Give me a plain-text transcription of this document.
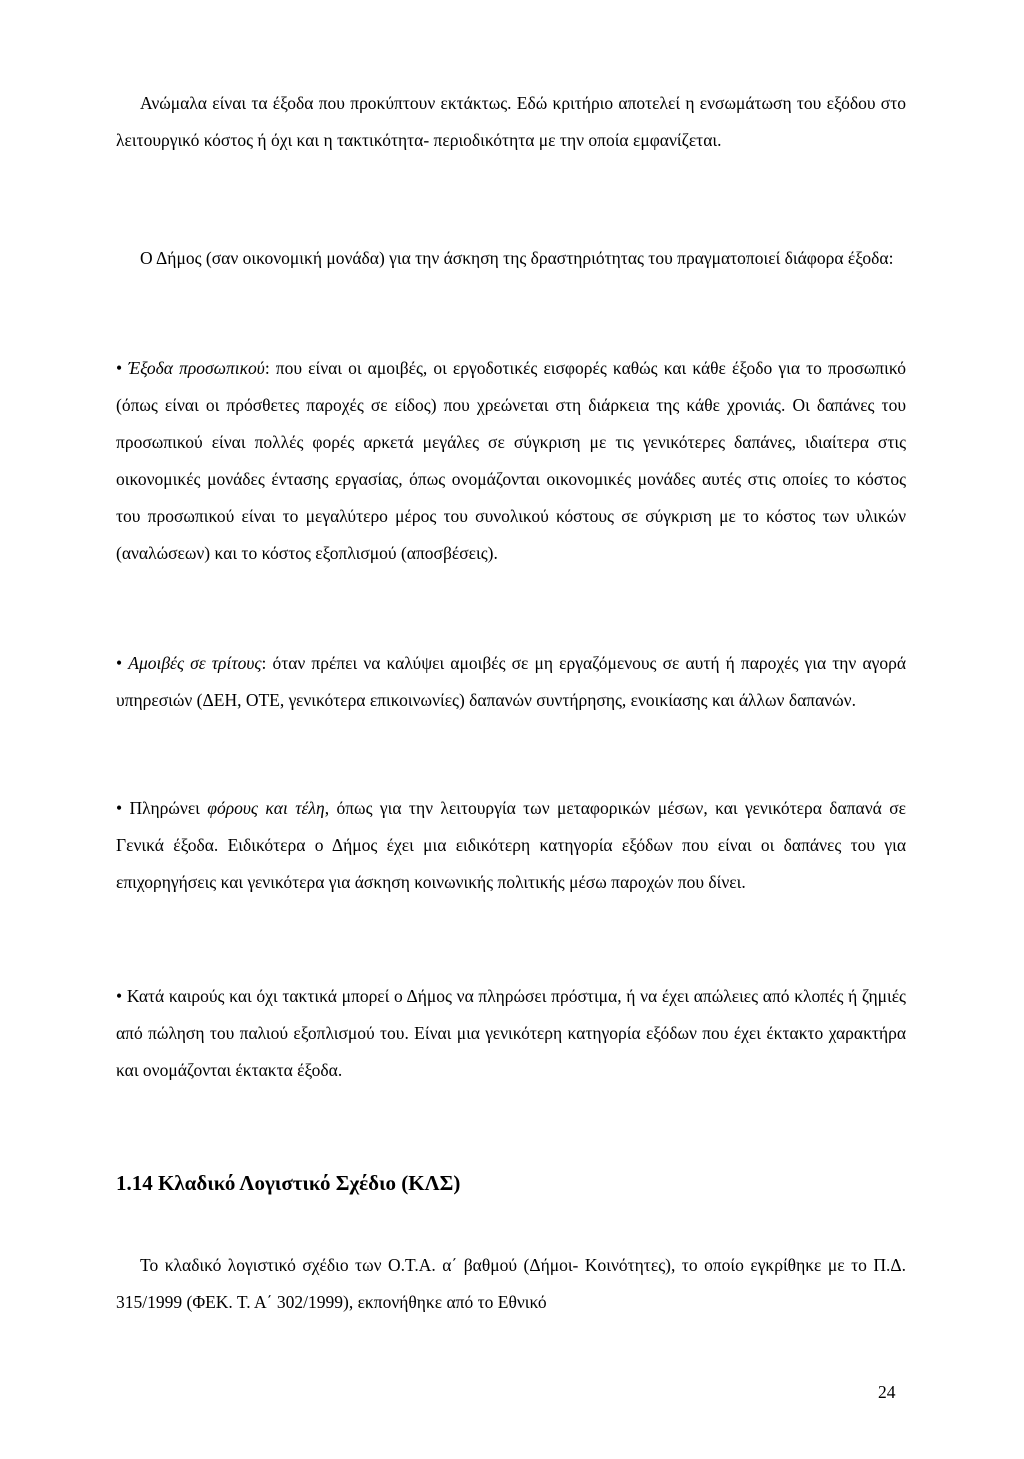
Ανώμαλα είναι τα έξοδα που προκύπτουν εκτάκτως. Εδώ κριτήριο αποτελεί η ενσωμάτωση του εξόδου στο λειτουργικό κόστος ή όχι και η τακτικότητα- περιοδικότητα με την οποία εμφανίζεται.

Ο Δήμος (σαν οικονομική μονάδα) για την άσκηση της δραστηριότητας του πραγματοποιεί διάφορα έξοδα:

• Έξοδα προσωπικού: που είναι οι αμοιβές, οι εργοδοτικές εισφορές καθώς και κάθε έξοδο για το προσωπικό (όπως είναι οι πρόσθετες παροχές σε είδος) που χρεώνεται στη διάρκεια της κάθε χρονιάς. Οι δαπάνες του προσωπικού είναι πολλές φορές αρκετά μεγάλες σε σύγκριση με τις γενικότερες δαπάνες, ιδιαίτερα στις οικονομικές μονάδες έντασης εργασίας, όπως ονομάζονται οικονομικές μονάδες αυτές στις οποίες το κόστος του προσωπικού είναι το μεγαλύτερο μέρος του συνολικού κόστους σε σύγκριση με το κόστος των υλικών (αναλώσεων) και το κόστος εξοπλισμού (αποσβέσεις).

• Αμοιβές σε τρίτους: όταν πρέπει να καλύψει αμοιβές σε μη εργαζόμενους σε αυτή ή παροχές για την αγορά υπηρεσιών (ΔΕΗ, ΟΤΕ, γενικότερα επικοινωνίες) δαπανών συντήρησης, ενοικίασης και άλλων δαπανών.

• Πληρώνει φόρους και τέλη, όπως για την λειτουργία των μεταφορικών μέσων, και γενικότερα δαπανά σε Γενικά έξοδα. Ειδικότερα ο Δήμος έχει μια ειδικότερη κατηγορία εξόδων που είναι οι δαπάνες του για επιχορηγήσεις και γενικότερα για άσκηση κοινωνικής πολιτικής μέσω παροχών που δίνει.

• Κατά καιρούς και όχι τακτικά μπορεί ο Δήμος να πληρώσει πρόστιμα, ή να έχει απώλειες από κλοπές ή ζημιές από πώληση του παλιού εξοπλισμού του. Είναι μια γενικότερη κατηγορία εξόδων που έχει έκτακτο χαρακτήρα και ονομάζονται έκτακτα έξοδα.

1.14 Κλαδικό Λογιστικό Σχέδιο (ΚΛΣ)

Το κλαδικό λογιστικό σχέδιο των Ο.Τ.Α. α΄ βαθμού (Δήμοι- Κοινότητες), το οποίο εγκρίθηκε με το Π.Δ. 315/1999 (ΦΕΚ. Τ. Α΄ 302/1999), εκπονήθηκε από το Εθνικό

24
